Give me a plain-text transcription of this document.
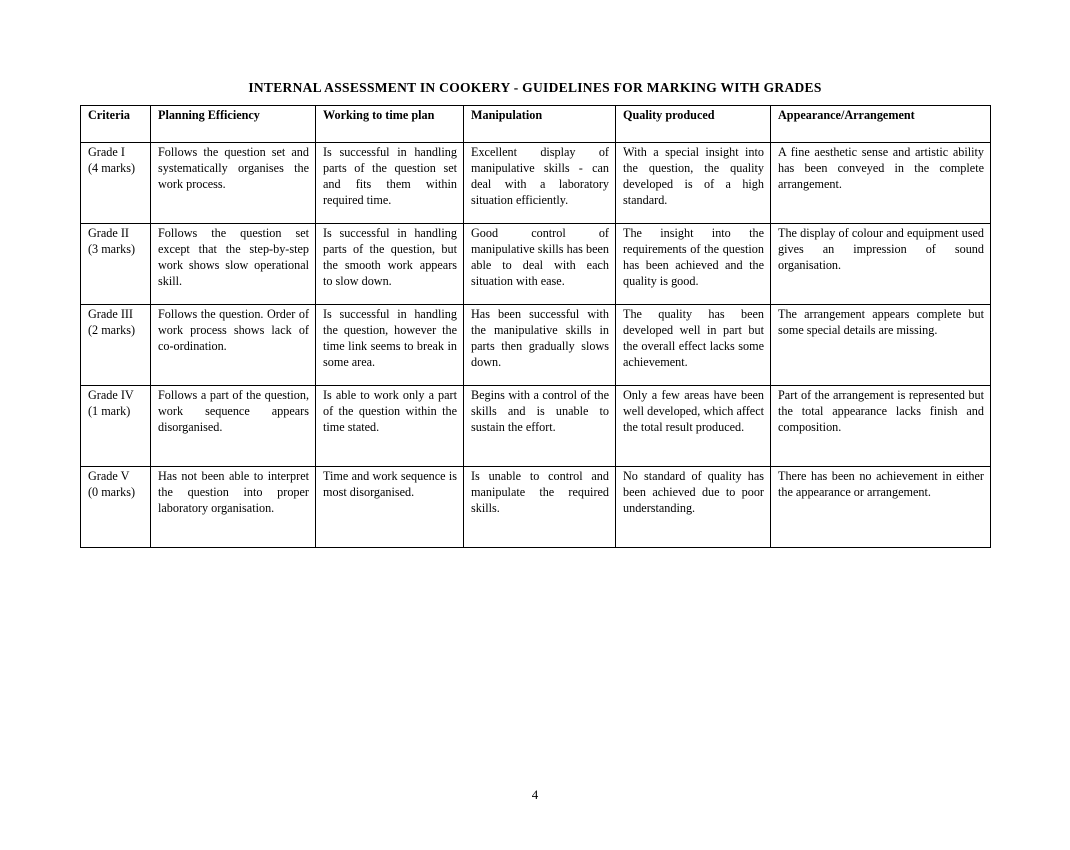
INTERNAL ASSESSMENT IN COOKERY - GUIDELINES FOR MARKING WITH GRADES
Criteria	Planning Efficiency	Working to time plan	Manipulation	Quality produced	Appearance/Arrangement

Grade I
(4 marks)	Follows the question set and systematically organises the work process.	Is successful in handling parts of the question set and fits them within required time.	Excellent display of manipulative skills - can deal with a laboratory situation efficiently.	With a special insight into the question, the quality developed is of a high standard.	A fine aesthetic sense and artistic ability has been conveyed in the complete arrangement.

Grade II
(3 marks)	Follows the question set except that the step-by-step work shows slow operational skill.	Is successful in handling parts of the question, but the smooth work appears to slow down.	Good control of manipulative skills has been able to deal with each situation with ease.	The insight into the requirements of the question has been achieved and the quality is good.	The display of colour and equipment used gives an impression of sound organisation.

Grade III
(2 marks)	Follows the question. Order of work process shows lack of co-ordination.	Is successful in handling the question, however the time link seems to break in some area.	Has been successful with the manipulative skills in parts then gradually slows down.	The quality has been developed well in part but the overall effect lacks some achievement.	The arrangement appears complete but some special details are missing.

Grade IV
(1 mark)	Follows a part of the question, work sequence appears disorganised.	Is able to work only a part of the question within the time stated.	Begins with a control of the skills and is unable to sustain the effort.	Only a few areas have been well developed, which affect the total result produced.	Part of the arrangement is represented but the total appearance lacks finish and composition.

Grade V
(0 marks)	Has not been able to interpret the question into proper laboratory organisation.	Time and work sequence is most disorganised.	Is unable to control and manipulate the required skills.	No standard of quality has been achieved due to poor understanding.	There has been no achievement in either the appearance or arrangement.
4
